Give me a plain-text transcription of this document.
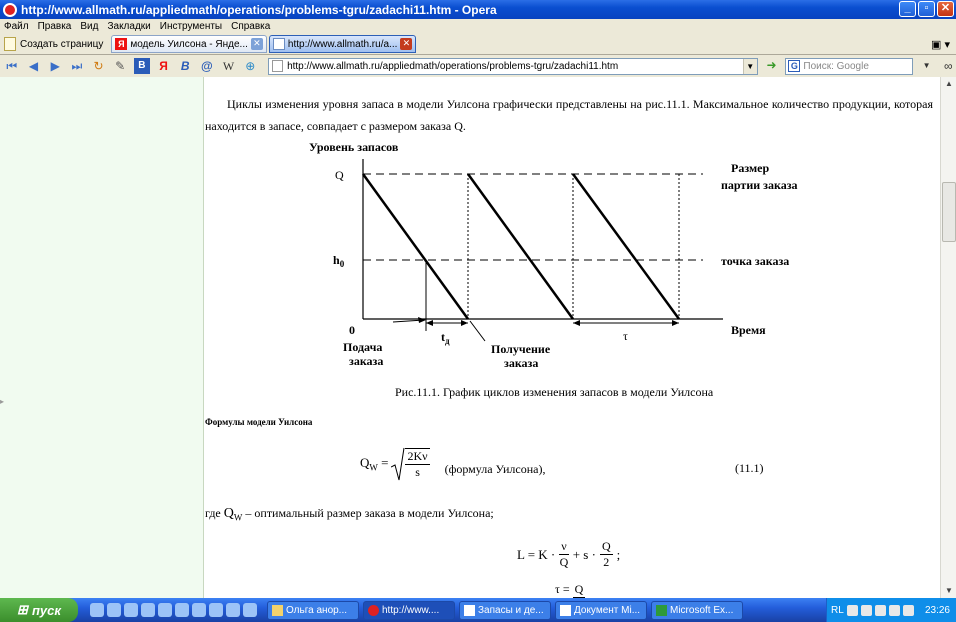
http://www.allmath.ru/appliedmath/operations/problems-tgru/zadachi11.htm - Opera	_	▫	✕
Файл Правка Вид Закладки Инструменты Справка
Создать страницу	Я модель Уилсона - Янде... ✕	http://www.allmath.ru/a... ✕	▣ ▾
⏮ ◀ ▶ ⏭ ↻ ✎	B	Я B @ W ⊕	http://www.allmath.ru/appliedmath/operations/problems-tgru/zadachi11.htm	▼ ➜	G Поиск: Google	▼	∞
▸

Циклы изменения уровня запаса в модели Уилсона графически представлены на рис.11.1. Максимальное количество продукции, которая находится в запасе, совпадает с размером заказа Q.

Уровень запасов
Q
$h_0$
0	Время
Размер
партии заказа
точка заказа
$t_д$	τ
Подача
заказа
Получение
заказа
Рис.11.1. График циклов изменения запасов в модели Уилсона
Формулы модели Уилсона
$Q_W = \frac{2K\nu}{s}$ (формула Уилсона),	(11.1)
где $Q_W$ – оптимальный размер заказа в модели Уилсона;
$L = K \cdot \frac{\nu}{Q} + s \cdot \frac{Q}{2}$ ;
τ = Q
▲
▼
⊞ пуск	Ольга анор...	http://www....	Запасы и де...	Документ Mi...	Microsoft Ex...	RL	23:26
